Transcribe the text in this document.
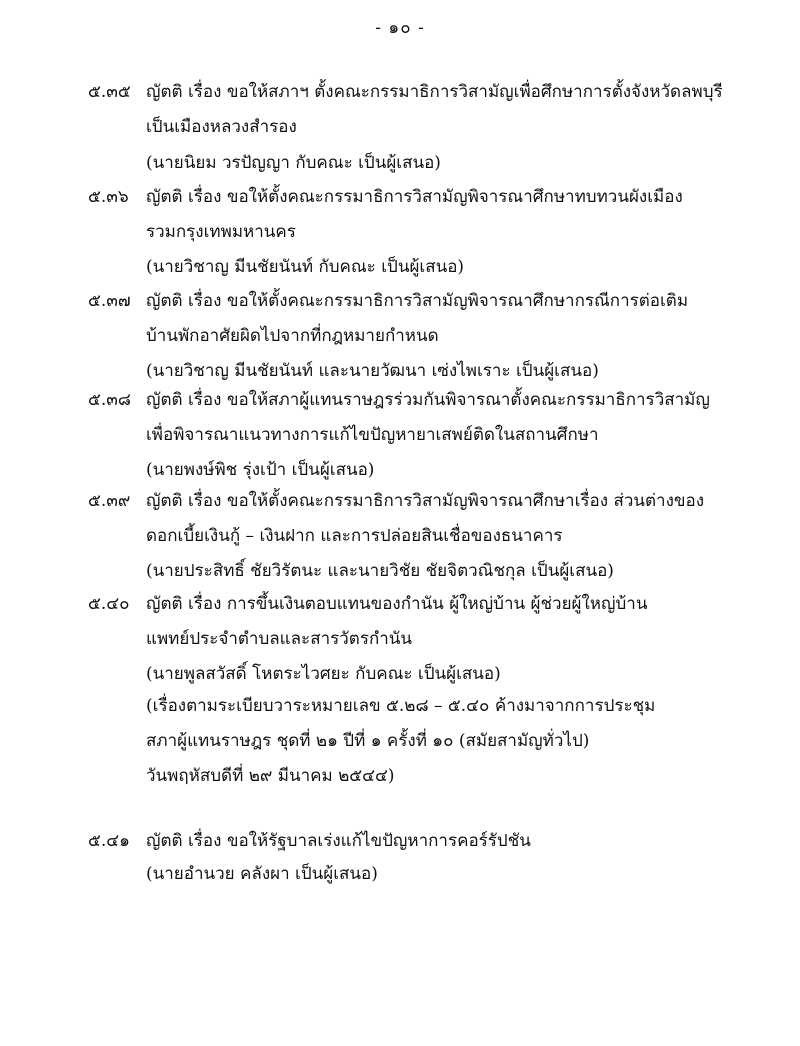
- ๑๐ -
๕.๓๕ ญัตติ เรื่อง ขอให้สภาฯ ตั้งคณะกรรมาธิการวิสามัญเพื่อศึกษาการตั้งจังหวัดลพบุรี
เป็นเมืองหลวงสำรอง
(นายนิยม วรปัญญา กับคณะ เป็นผู้เสนอ)
๕.๓๖ ญัตติ เรื่อง ขอให้ตั้งคณะกรรมาธิการวิสามัญพิจารณาศึกษาทบทวนผังเมือง
รวมกรุงเทพมหานคร
(นายวิชาญ มีนชัยนันท์ กับคณะ เป็นผู้เสนอ)
๕.๓๗ ญัตติ เรื่อง ขอให้ตั้งคณะกรรมาธิการวิสามัญพิจารณาศึกษากรณีการต่อเติม
บ้านพักอาศัยผิดไปจากที่กฎหมายกำหนด
(นายวิชาญ มีนชัยนันท์ และนายวัฒนา เซ่งไพเราะ เป็นผู้เสนอ)
๕.๓๘ ญัตติ เรื่อง ขอให้สภาผู้แทนราษฎรร่วมกันพิจารณาตั้งคณะกรรมาธิการวิสามัญ
เพื่อพิจารณาแนวทางการแก้ไขปัญหายาเสพย์ติดในสถานศึกษา
(นายพงษ์พิช รุ่งเป้า เป็นผู้เสนอ)
๕.๓๙ ญัตติ เรื่อง ขอให้ตั้งคณะกรรมาธิการวิสามัญพิจารณาศึกษาเรื่อง ส่วนต่างของ
ดอกเบี้ยเงินกู้ – เงินฝาก และการปล่อยสินเชื่อของธนาคาร
(นายประสิทธิ์ ชัยวิรัตนะ และนายวิชัย ชัยจิตวณิชกุล เป็นผู้เสนอ)
๕.๔๐ ญัตติ เรื่อง การขึ้นเงินตอบแทนของกำนัน ผู้ใหญ่บ้าน ผู้ช่วยผู้ใหญ่บ้าน
แพทย์ประจำตำบลและสารวัตรกำนัน
(นายพูลสวัสดิ์ โหตระไวศยะ กับคณะ เป็นผู้เสนอ)
(เรื่องตามระเบียบวาระหมายเลข ๕.๒๘ – ๕.๔๐ ค้างมาจากการประชุม
สภาผู้แทนราษฎร ชุดที่ ๒๑ ปีที่ ๑ ครั้งที่ ๑๐ (สมัยสามัญทั่วไป)
วันพฤหัสบดีที่ ๒๙ มีนาคม ๒๕๔๔)
๕.๔๑ ญัตติ เรื่อง ขอให้รัฐบาลเร่งแก้ไขปัญหาการคอร์รัปชัน
(นายอำนวย คลังผา เป็นผู้เสนอ)
